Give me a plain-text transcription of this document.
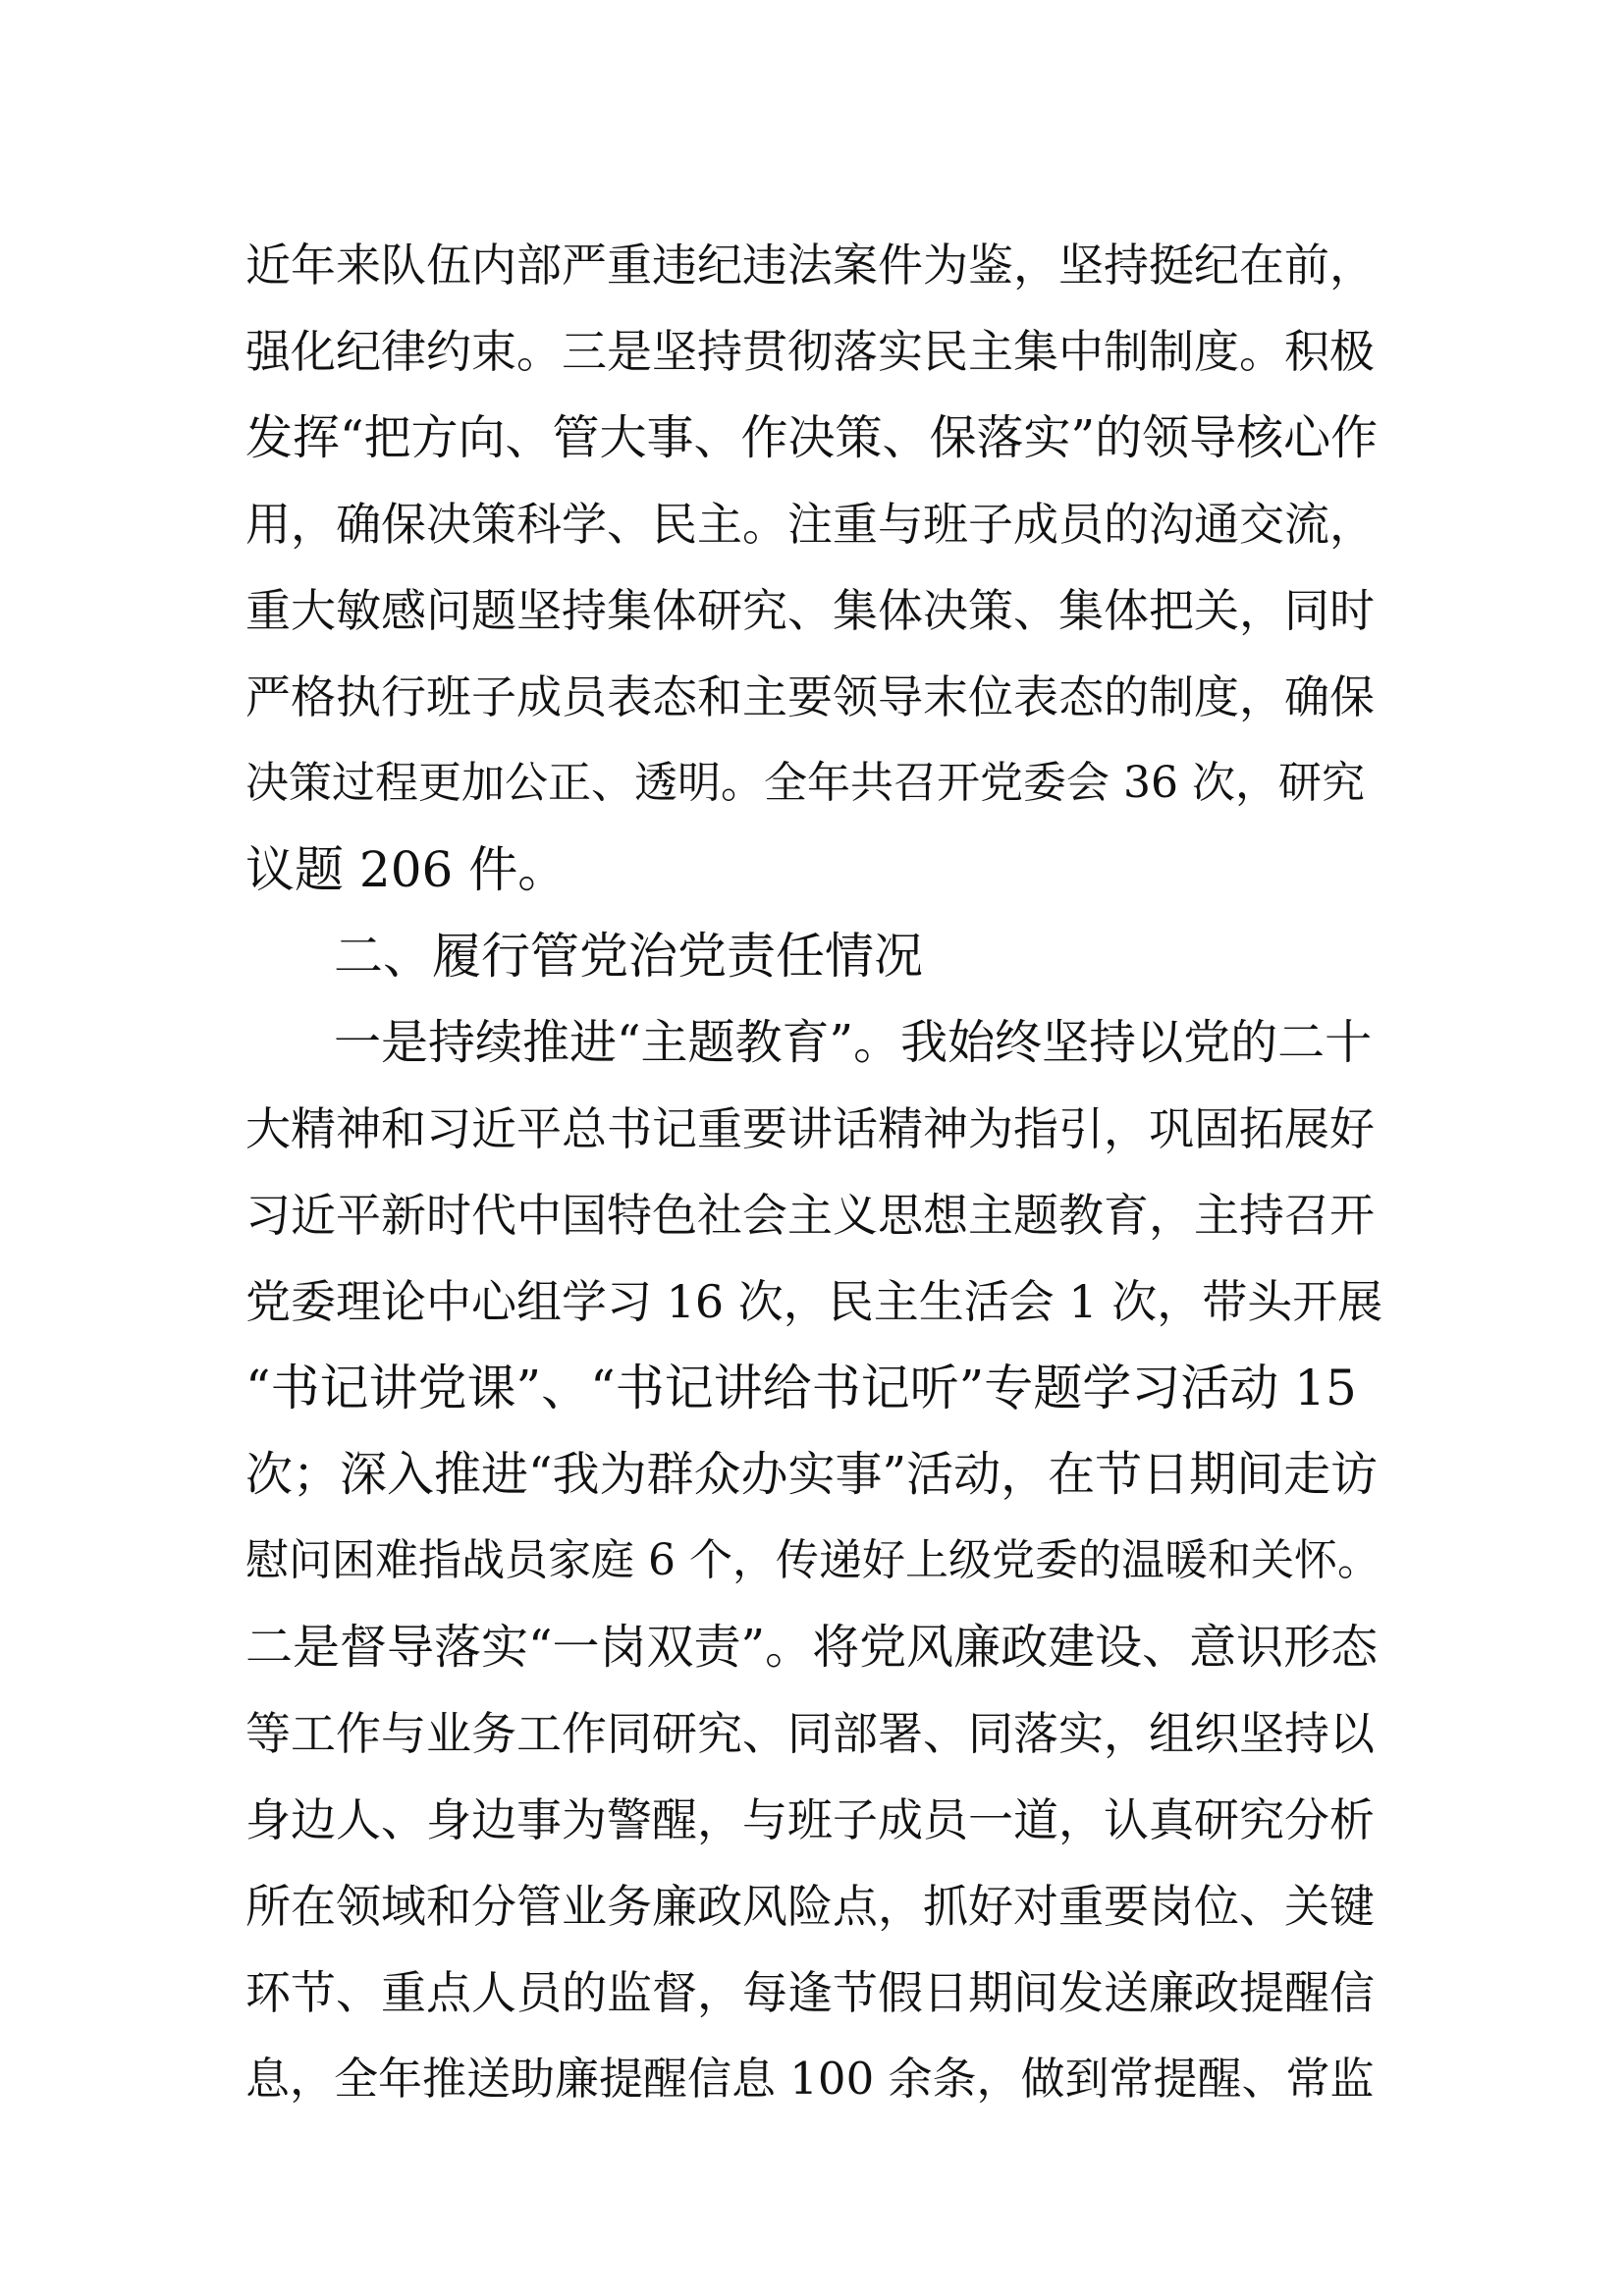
近年来队伍内部严重违纪违法案件为鉴，坚持挺纪在前，
强化纪律约束。三是坚持贯彻落实民主集中制制度。积极
发挥“把方向、管大事、作决策、保落实”的领导核心作
用，确保决策科学、民主。注重与班子成员的沟通交流，
重大敏感问题坚持集体研究、集体决策、集体把关，同时
严格执行班子成员表态和主要领导末位表态的制度，确保
决策过程更加公正、透明。全年共召开党委会 36 次，研究
议题 206 件。
二、履行管党治党责任情况
一是持续推进“主题教育”。我始终坚持以党的二十
大精神和习近平总书记重要讲话精神为指引，巩固拓展好
习近平新时代中国特色社会主义思想主题教育，主持召开
党委理论中心组学习 16 次，民主生活会 1 次，带头开展
“书记讲党课”、“书记讲给书记听”专题学习活动 15
次；深入推进“我为群众办实事”活动，在节日期间走访
慰问困难指战员家庭 6 个，传递好上级党委的温暖和关怀。
二是督导落实“一岗双责”。将党风廉政建设、意识形态
等工作与业务工作同研究、同部署、同落实，组织坚持以
身边人、身边事为警醒，与班子成员一道，认真研究分析
所在领域和分管业务廉政风险点，抓好对重要岗位、关键
环节、重点人员的监督，每逢节假日期间发送廉政提醒信
息，全年推送助廉提醒信息 100 余条，做到常提醒、常监
